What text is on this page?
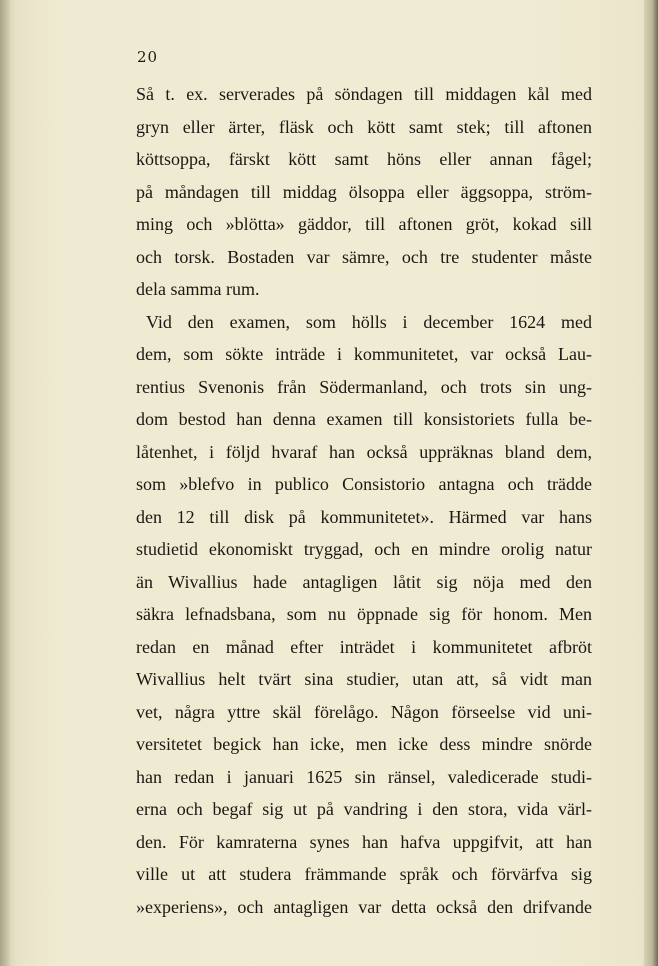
20
Så t. ex. serverades på söndagen till middagen kål med
gryn eller ärter, fläsk och kött samt stek; till aftonen
köttsoppa, färskt kött samt höns eller annan fågel;
på måndagen till middag ölsoppa eller äggsoppa, ström-
ming och »blötta» gäddor, till aftonen gröt, kokad sill
och torsk. Bostaden var sämre, och tre studenter måste
dela samma rum.
Vid den examen, som hölls i december 1624 med
dem, som sökte inträde i kommunitetet, var också Lau-
rentius Svenonis från Södermanland, och trots sin ung-
dom bestod han denna examen till konsistoriets fulla be-
låtenhet, i följd hvaraf han också uppräknas bland dem,
som »blefvo in publico Consistorio antagna och trädde
den 12 till disk på kommunitetet». Härmed var hans
studietid ekonomiskt tryggad, och en mindre orolig natur
än Wivallius hade antagligen låtit sig nöja med den
säkra lefnadsbana, som nu öppnade sig för honom. Men
redan en månad efter inträdet i kommunitetet afbröt
Wivallius helt tvärt sina studier, utan att, så vidt man
vet, några yttre skäl förelågo. Någon förseelse vid uni-
versitetet begick han icke, men icke dess mindre snörde
han redan i januari 1625 sin ränsel, valedicerade studi-
erna och begaf sig ut på vandring i den stora, vida värl-
den. För kamraterna synes han hafva uppgifvit, att han
ville ut att studera främmande språk och förvärfva sig
»experiens», och antagligen var detta också den drifvande
